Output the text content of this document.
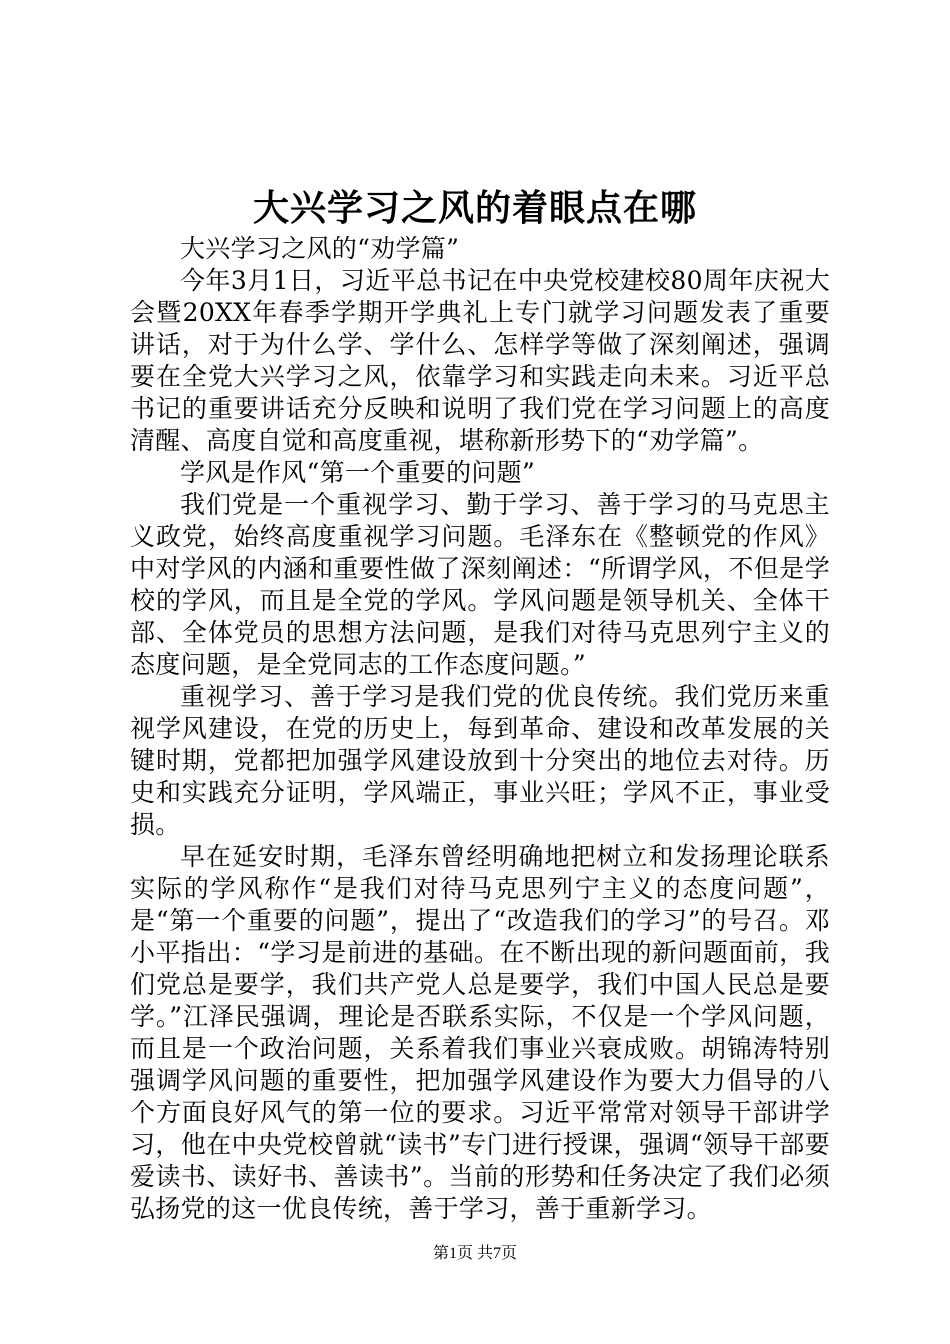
大兴学习之风的着眼点在哪

大兴学习之风的“劝学篇”

今年3月1日，习近平总书记在中央党校建校80周年庆祝大会暨20XX年春季学期开学典礼上专门就学习问题发表了重要讲话，对于为什么学、学什么、怎样学等做了深刻阐述，强调要在全党大兴学习之风，依靠学习和实践走向未来。习近平总书记的重要讲话充分反映和说明了我们党在学习问题上的高度清醒、高度自觉和高度重视，堪称新形势下的“劝学篇”。

学风是作风“第一个重要的问题”

我们党是一个重视学习、勤于学习、善于学习的马克思主义政党，始终高度重视学习问题。毛泽东在《整顿党的作风》中对学风的内涵和重要性做了深刻阐述：“所谓学风，不但是学校的学风，而且是全党的学风。学风问题是领导机关、全体干部、全体党员的思想方法问题，是我们对待马克思列宁主义的态度问题，是全党同志的工作态度问题。”

重视学习、善于学习是我们党的优良传统。我们党历来重视学风建设，在党的历史上，每到革命、建设和改革发展的关键时期，党都把加强学风建设放到十分突出的地位去对待。历史和实践充分证明，学风端正，事业兴旺；学风不正，事业受损。

早在延安时期，毛泽东曾经明确地把树立和发扬理论联系实际的学风称作“是我们对待马克思列宁主义的态度问题”，是“第一个重要的问题”，提出了“改造我们的学习”的号召。邓小平指出：“学习是前进的基础。在不断出现的新问题面前，我们党总是要学，我们共产党人总是要学，我们中国人民总是要学。”江泽民强调，理论是否联系实际，不仅是一个学风问题，而且是一个政治问题，关系着我们事业兴衰成败。胡锦涛特别强调学风问题的重要性，把加强学风建设作为要大力倡导的八个方面良好风气的第一位的要求。习近平常常对领导干部讲学习，他在中央党校曾就“读书”专门进行授课，强调“领导干部要爱读书、读好书、善读书”。当前的形势和任务决定了我们必须弘扬党的这一优良传统，善于学习，善于重新学习。

第1页 共7页
